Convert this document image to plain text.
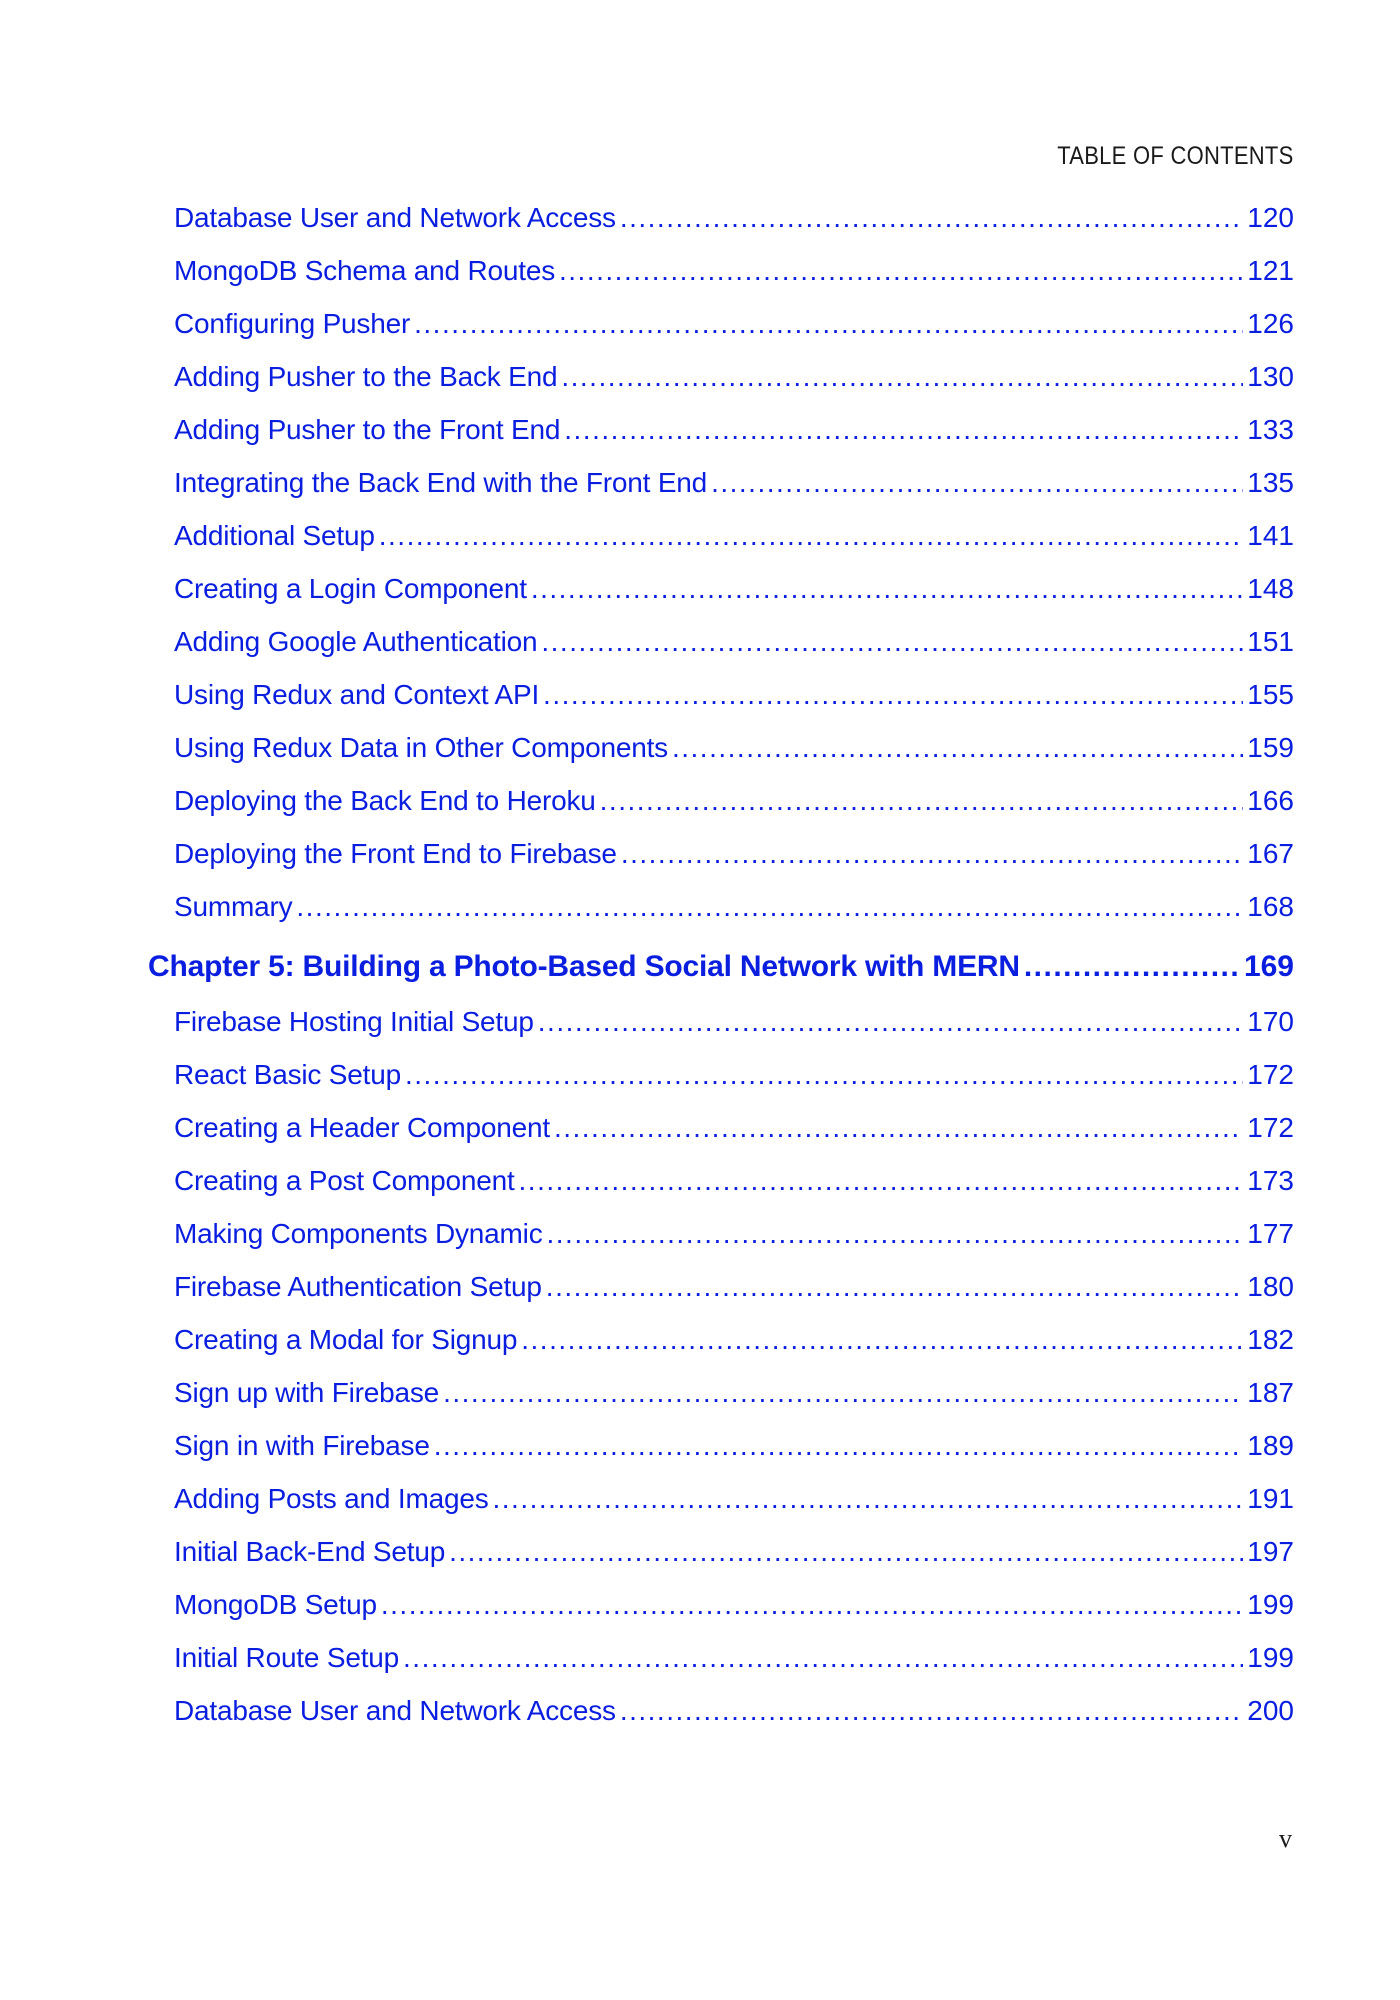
TABLE OF CONTENTS
Database User and Network Access .....	120
MongoDB Schema and Routes .....	121
Configuring Pusher .....	126
Adding Pusher to the Back End .....	130
Adding Pusher to the Front End .....	133
Integrating the Back End with the Front End .....	135
Additional Setup .....	141
Creating a Login Component .....	148
Adding Google Authentication .....	151
Using Redux and Context API .....	155
Using Redux Data in Other Components .....	159
Deploying the Back End to Heroku .....	166
Deploying the Front End to Firebase .....	167
Summary .....	168
Chapter 5: Building a Photo-Based Social Network with MERN .....	169
Firebase Hosting Initial Setup .....	170
React Basic Setup .....	172
Creating a Header Component .....	172
Creating a Post Component .....	173
Making Components Dynamic .....	177
Firebase Authentication Setup .....	180
Creating a Modal for Signup .....	182
Sign up with Firebase .....	187
Sign in with Firebase .....	189
Adding Posts and Images .....	191
Initial Back-End Setup .....	197
MongoDB Setup .....	199
Initial Route Setup .....	199
Database User and Network Access .....	200
v
